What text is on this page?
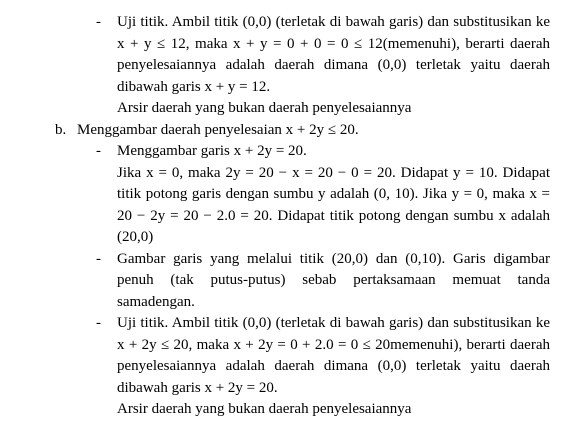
- Uji titik. Ambil titik (0,0) (terletak di bawah garis) dan substitusikan ke x + y ≤ 12, maka x + y = 0 + 0 = 0 ≤ 12(memenuhi), berarti daerah penyelesaiannya adalah daerah dimana (0,0) terletak yaitu daerah dibawah garis x + y = 12.
Arsir daerah yang bukan daerah penyelesaiannya
b. Menggambar daerah penyelesaian x + 2y ≤ 20.
- Menggambar garis x + 2y = 20.
Jika x = 0, maka 2y = 20 − x = 20 − 0 = 20. Didapat y = 10. Didapat titik potong garis dengan sumbu y adalah (0, 10). Jika y = 0, maka x = 20 − 2y = 20 − 2.0 = 20. Didapat titik potong dengan sumbu x adalah (20,0)
- Gambar garis yang melalui titik (20,0) dan (0,10). Garis digambar penuh (tak putus-putus) sebab pertaksamaan memuat tanda samadengan.
- Uji titik. Ambil titik (0,0) (terletak di bawah garis) dan substitusikan ke x + 2y ≤ 20, maka x + 2y = 0 + 2.0 = 0 ≤ 20memenuhi), berarti daerah penyelesaiannya adalah daerah dimana (0,0) terletak yaitu daerah dibawah garis x + 2y = 20.
Arsir daerah yang bukan daerah penyelesaiannya
